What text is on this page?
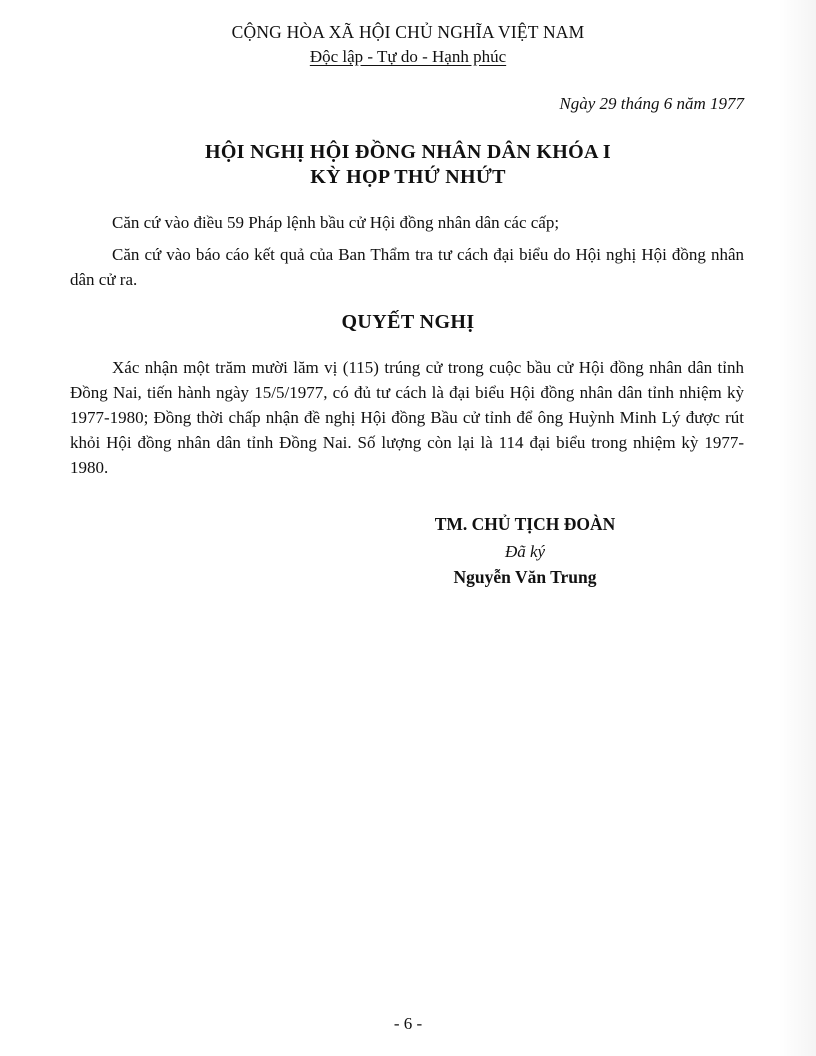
CỘNG HÒA XÃ HỘI CHỦ NGHĨA VIỆT NAM
Độc lập - Tự do - Hạnh phúc
Ngày 29 tháng 6 năm 1977
HỘI NGHỊ HỘI ĐỒNG NHÂN DÂN KHÓA I
KỲ HỌP THỨ NHỨT
Căn cứ vào điều 59 Pháp lệnh bầu cử Hội đồng nhân dân các cấp;
Căn cứ vào báo cáo kết quả của Ban Thẩm tra tư cách đại biểu do Hội nghị Hội đồng nhân dân cử ra.
QUYẾT NGHỊ
Xác nhận một trăm mười lăm vị (115) trúng cử trong cuộc bầu cử Hội đồng nhân dân tỉnh Đồng Nai, tiến hành ngày 15/5/1977, có đủ tư cách là đại biểu Hội đồng nhân dân tỉnh nhiệm kỳ 1977-1980; Đồng thời chấp nhận đề nghị Hội đồng Bầu cử tỉnh để ông Huỳnh Minh Lý được rút khỏi Hội đồng nhân dân tỉnh Đồng Nai. Số lượng còn lại là 114 đại biểu trong nhiệm kỳ 1977-1980.
TM. CHỦ TỊCH ĐOÀN
Đã ký
Nguyễn Văn Trung
- 6 -
